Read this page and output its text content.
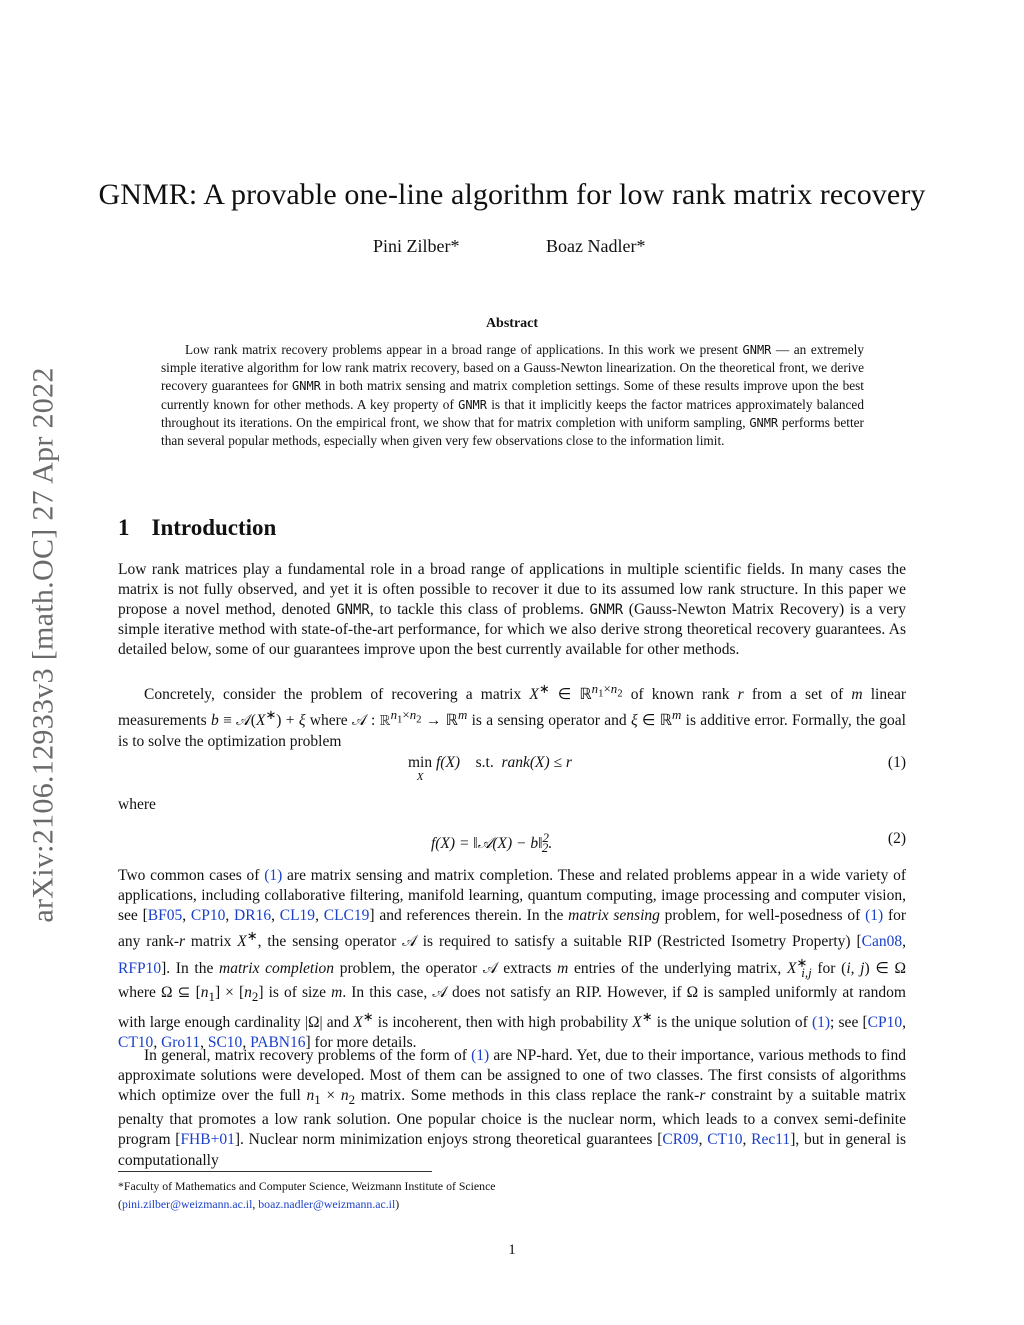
arXiv:2106.12933v3 [math.OC] 27 Apr 2022
GNMR: A provable one-line algorithm for low rank matrix recovery
Pini Zilber*	Boaz Nadler*
Abstract
Low rank matrix recovery problems appear in a broad range of applications. In this work we present GNMR — an extremely simple iterative algorithm for low rank matrix recovery, based on a Gauss-Newton linearization. On the theoretical front, we derive recovery guarantees for GNMR in both matrix sensing and matrix completion settings. Some of these results improve upon the best currently known for other methods. A key property of GNMR is that it implicitly keeps the factor matrices approximately balanced throughout its iterations. On the empirical front, we show that for matrix completion with uniform sampling, GNMR performs better than several popular methods, especially when given very few observations close to the information limit.
1 Introduction
Low rank matrices play a fundamental role in a broad range of applications in multiple scientific fields. In many cases the matrix is not fully observed, and yet it is often possible to recover it due to its assumed low rank structure. In this paper we propose a novel method, denoted GNMR, to tackle this class of problems. GNMR (Gauss-Newton Matrix Recovery) is a very simple iterative method with state-of-the-art performance, for which we also derive strong theoretical recovery guarantees. As detailed below, some of our guarantees improve upon the best currently available for other methods.
Concretely, consider the problem of recovering a matrix X∗ ∈ ℝ$^{n_1\times n_2}$ of known rank r from a set of m linear measurements b ≡ 𝒜(X∗) + ξ where 𝒜 : ℝ$^{n_1\times n_2}$ → ℝ$^m$ is a sensing operator and ξ ∈ ℝ$^m$ is additive error. Formally, the goal is to solve the optimization problem
min
X
f(X) s.t. rank(X) ≤ r	(1)
where
f(X) = ‖𝒜(X) − b‖$^2_2$.	(2)
Two common cases of (1) are matrix sensing and matrix completion. These and related problems appear in a wide variety of applications, including collaborative filtering, manifold learning, quantum computing, image processing and computer vision, see [BF05, CP10, DR16, CL19, CLC19] and references therein. In the matrix sensing problem, for well-posedness of (1) for any rank-r matrix X∗, the sensing operator 𝒜 is required to satisfy a suitable RIP (Restricted Isometry Property) [Can08, RFP10]. In the matrix completion problem, the operator 𝒜 extracts m entries of the underlying matrix, $X^∗_{i,j}$ for (i, j) ∈ Ω where Ω ⊆ $[n_1] \times [n_2]$ is of size m. In this case, 𝒜 does not satisfy an RIP. However, if Ω is sampled uniformly at random with large enough cardinality |Ω| and X∗ is incoherent, then with high probability X∗ is the unique solution of (1); see [CP10, CT10, Gro11, SC10, PABN16] for more details.
In general, matrix recovery problems of the form of (1) are NP-hard. Yet, due to their importance, various methods to find approximate solutions were developed. Most of them can be assigned to one of two classes. The first consists of algorithms which optimize over the full $n_1 \times n_2$ matrix. Some methods in this class replace the rank-r constraint by a suitable matrix penalty that promotes a low rank solution. One popular choice is the nuclear norm, which leads to a convex semi-definite program [FHB+01]. Nuclear norm minimization enjoys strong theoretical guarantees [CR09, CT10, Rec11], but in general is computationally
*Faculty of Mathematics and Computer Science, Weizmann Institute of Science
(pini.zilber@weizmann.ac.il, boaz.nadler@weizmann.ac.il)
1
